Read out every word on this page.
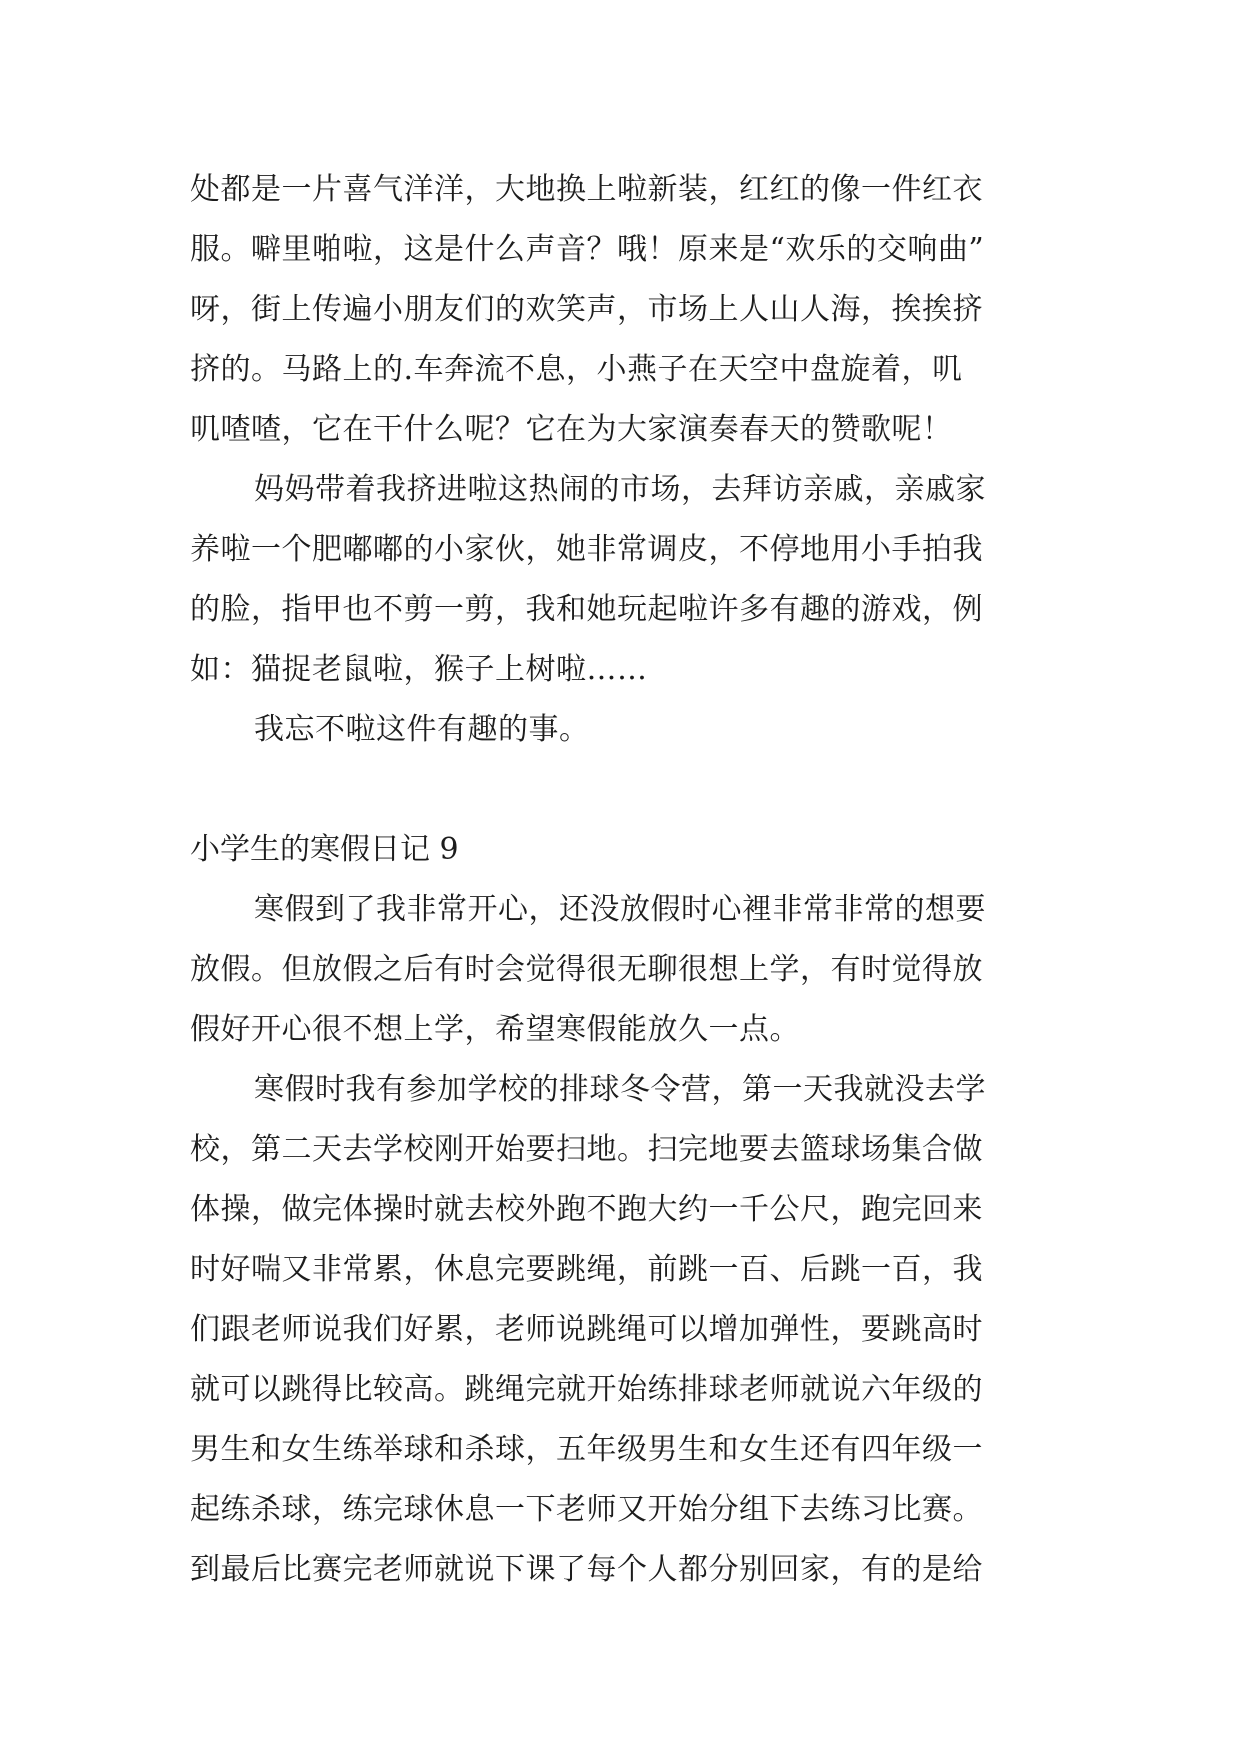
处都是一片喜气洋洋，大地换上啦新装，红红的像一件红衣
服。噼里啪啦，这是什么声音？哦！原来是“欢乐的交响曲”
呀，街上传遍小朋友们的欢笑声，市场上人山人海，挨挨挤
挤的。马路上的.车奔流不息，小燕子在天空中盘旋着，叽
叽喳喳，它在干什么呢？它在为大家演奏春天的赞歌呢！
妈妈带着我挤进啦这热闹的市场，去拜访亲戚，亲戚家
养啦一个肥嘟嘟的小家伙，她非常调皮，不停地用小手拍我
的脸，指甲也不剪一剪，我和她玩起啦许多有趣的游戏，例
如：猫捉老鼠啦，猴子上树啦……
我忘不啦这件有趣的事。
小学生的寒假日记 9
寒假到了我非常开心，还没放假时心裡非常非常的想要
放假。但放假之后有时会觉得很无聊很想上学，有时觉得放
假好开心很不想上学，希望寒假能放久一点。
寒假时我有参加学校的排球冬令营，第一天我就没去学
校，第二天去学校刚开始要扫地。扫完地要去篮球场集合做
体操，做完体操时就去校外跑不跑大约一千公尺，跑完回来
时好喘又非常累，休息完要跳绳，前跳一百、后跳一百，我
们跟老师说我们好累，老师说跳绳可以增加弹性，要跳高时
就可以跳得比较高。跳绳完就开始练排球老师就说六年级的
男生和女生练举球和杀球，五年级男生和女生还有四年级一
起练杀球，练完球休息一下老师又开始分组下去练习比赛。
到最后比赛完老师就说下课了每个人都分别回家，有的是给
